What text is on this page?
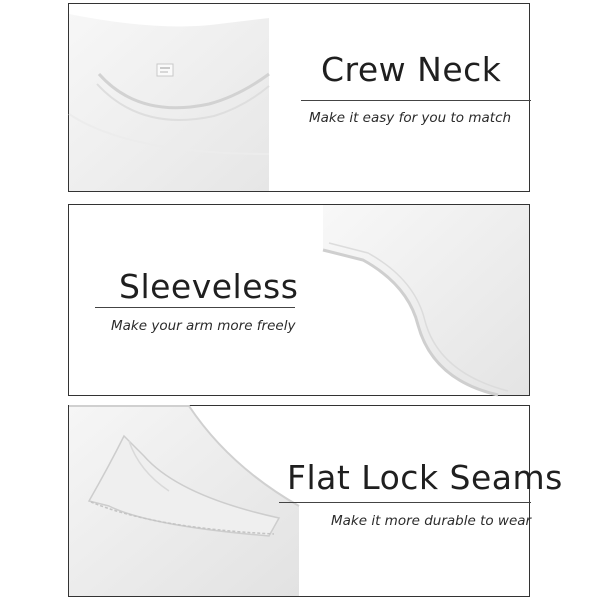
Crew Neck
Make it easy for you to match
Sleeveless
Make your arm more freely
Flat Lock Seams
Make it more durable to wear
